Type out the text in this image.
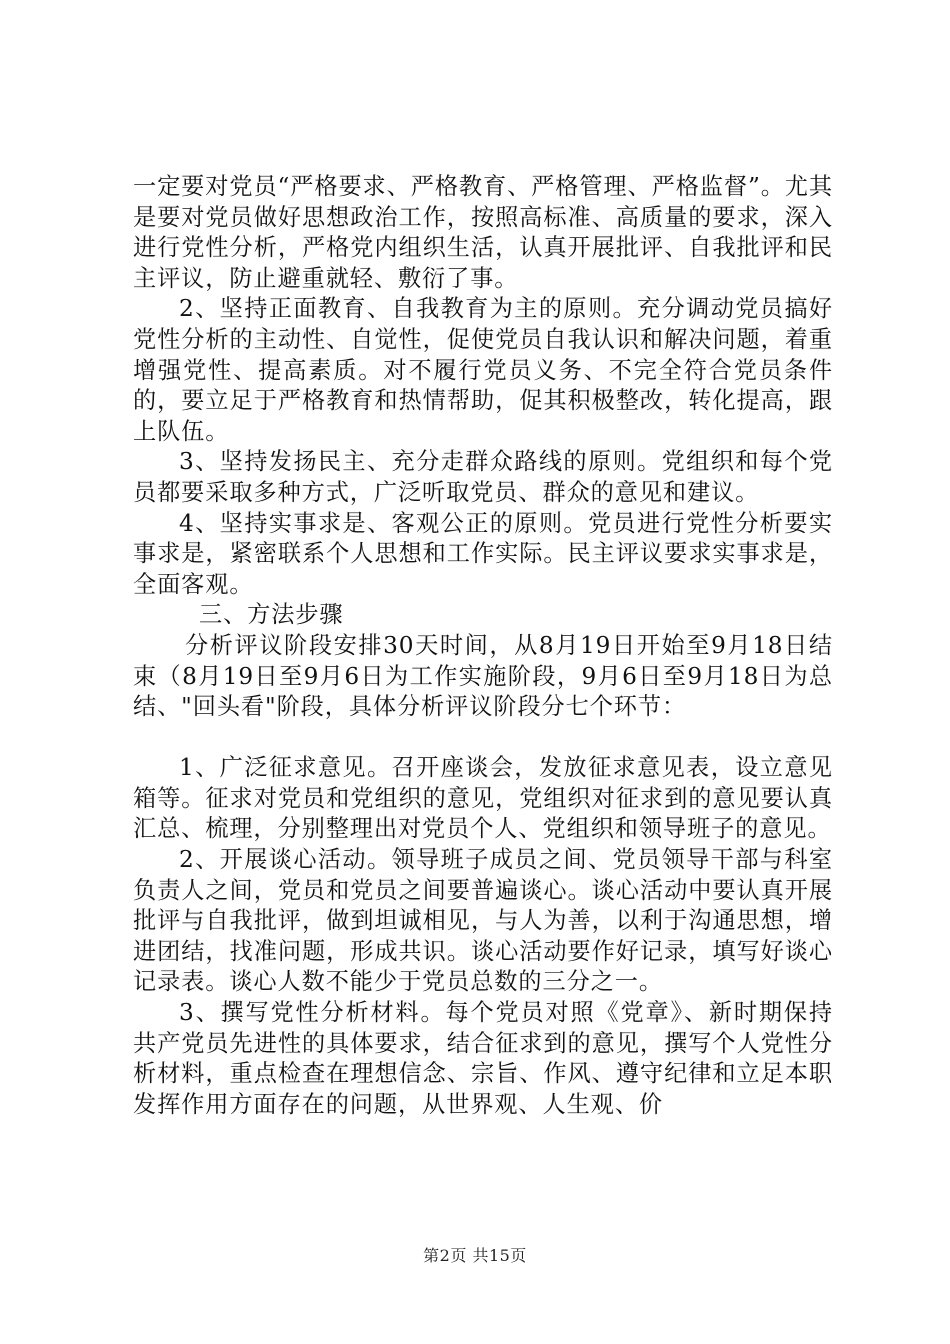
一定要对党员“严格要求、严格教育、严格管理、严格监督”。尤其是要对党员做好思想政治工作，按照高标准、高质量的要求，深入进行党性分析，严格党内组织生活，认真开展批评、自我批评和民主评议，防止避重就轻、敷衍了事。

2、坚持正面教育、自我教育为主的原则。充分调动党员搞好党性分析的主动性、自觉性，促使党员自我认识和解决问题，着重增强党性、提高素质。对不履行党员义务、不完全符合党员条件的，要立足于严格教育和热情帮助，促其积极整改，转化提高，跟上队伍。

3、坚持发扬民主、充分走群众路线的原则。党组织和每个党员都要采取多种方式，广泛听取党员、群众的意见和建议。

4、坚持实事求是、客观公正的原则。党员进行党性分析要实事求是，紧密联系个人思想和工作实际。民主评议要求实事求是，全面客观。

三、方法步骤

分析评议阶段安排30天时间，从8月19日开始至9月18日结束（8月19日至9月6日为工作实施阶段，9月6日至9月18日为总结、"回头看"阶段，具体分析评议阶段分七个环节：

1、广泛征求意见。召开座谈会，发放征求意见表，设立意见箱等。征求对党员和党组织的意见，党组织对征求到的意见要认真汇总、梳理，分别整理出对党员个人、党组织和领导班子的意见。

2、开展谈心活动。领导班子成员之间、党员领导干部与科室负责人之间，党员和党员之间要普遍谈心。谈心活动中要认真开展批评与自我批评，做到坦诚相见，与人为善，以利于沟通思想，增进团结，找准问题，形成共识。谈心活动要作好记录，填写好谈心记录表。谈心人数不能少于党员总数的三分之一。

3、撰写党性分析材料。每个党员对照《党章》、新时期保持共产党员先进性的具体要求，结合征求到的意见，撰写个人党性分析材料，重点检查在理想信念、宗旨、作风、遵守纪律和立足本职发挥作用方面存在的问题，从世界观、人生观、价

第2页 共15页
